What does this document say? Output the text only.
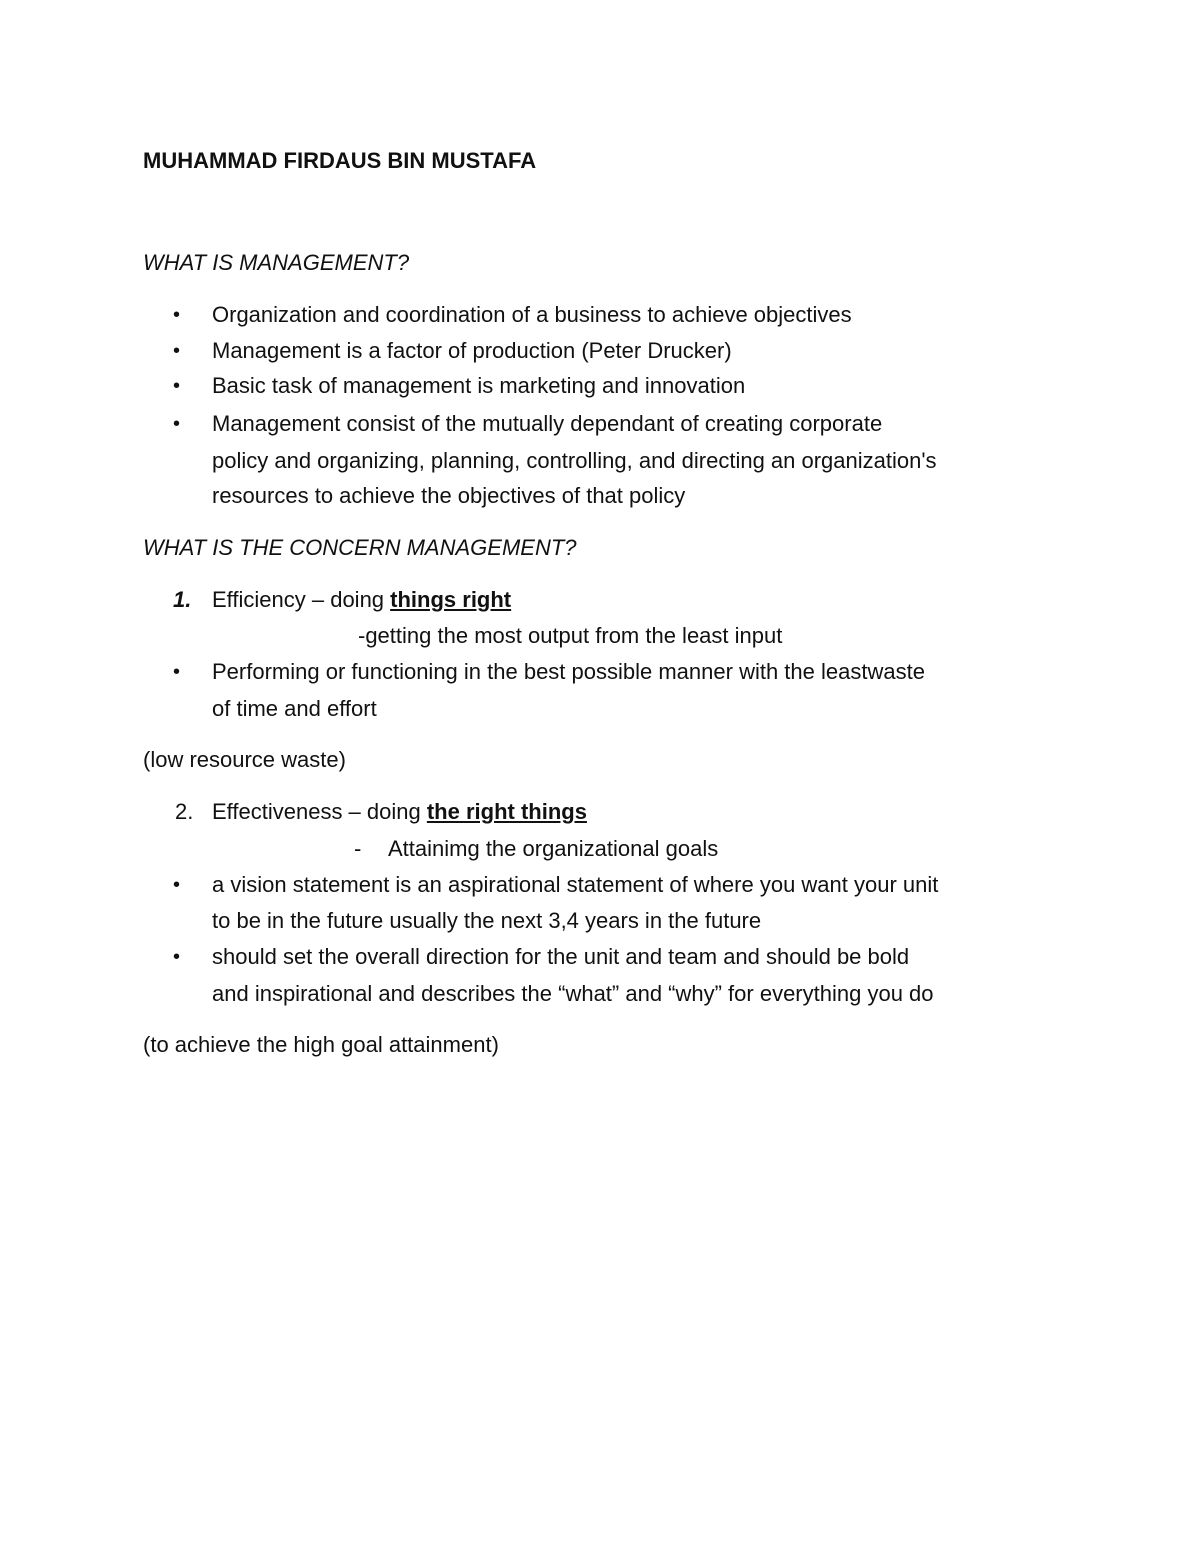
MUHAMMAD FIRDAUS BIN MUSTAFA
WHAT IS MANAGEMENT?
• Organization and coordination of a business to achieve objectives
• Management is a factor of production (Peter Drucker)
• Basic task of management is marketing and innovation
• Management consist of the mutually dependant of creating corporate
policy and organizing, planning, controlling, and directing an organization's
resources to achieve the objectives of that policy
WHAT IS THE CONCERN MANAGEMENT?
1. Efficiency – doing things right
-getting the most output from the least input
• Performing or functioning in the best possible manner with the leastwaste
of time and effort
(low resource waste)
2. Effectiveness – doing the right things
- Attainimg the organizational goals
• a vision statement is an aspirational statement of where you want your unit
to be in the future usually the next 3,4 years in the future
• should set the overall direction for the unit and team and should be bold
and inspirational and describes the “what” and “why” for everything you do
(to achieve the high goal attainment)
